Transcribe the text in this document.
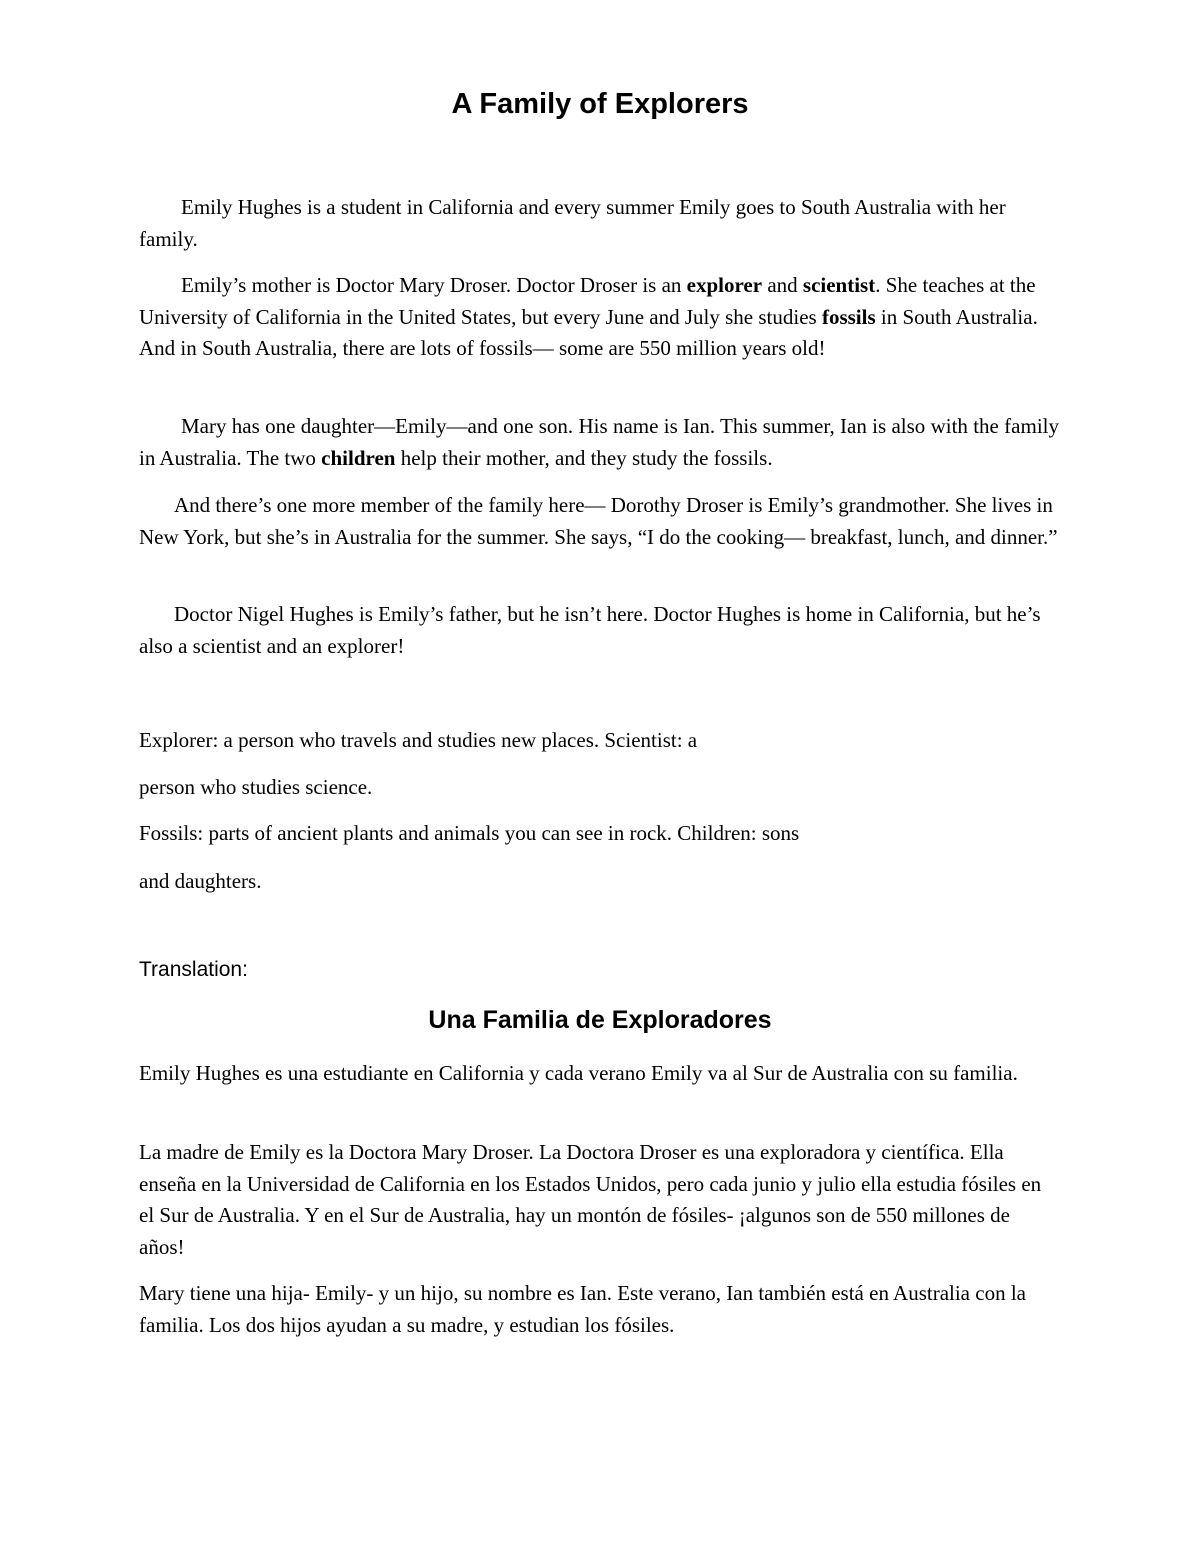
A Family of Explorers

Emily Hughes is a student in California and every summer Emily goes to South Australia with her family.

Emily’s mother is Doctor Mary Droser. Doctor Droser is an explorer and scientist. She teaches at the University of California in the United States, but every June and July she studies fossils in South Australia. And in South Australia, there are lots of fossils— some are 550 million years old!

Mary has one daughter—Emily—and one son. His name is Ian. This summer, Ian is also with the family in Australia. The two children help their mother, and they study the fossils.

And there’s one more member of the family here— Dorothy Droser is Emily’s grandmother. She lives in New York, but she’s in Australia for the summer. She says, “I do the cooking— breakfast, lunch, and dinner.”

Doctor Nigel Hughes is Emily’s father, but he isn’t here. Doctor Hughes is home in California, but he’s also a scientist and an explorer!

Explorer: a person who travels and studies new places. Scientist: a

person who studies science.

Fossils: parts of ancient plants and animals you can see in rock. Children: sons

and daughters.

Translation:

Una Familia de Exploradores

Emily Hughes es una estudiante en California y cada verano Emily va al Sur de Australia con su familia.

La madre de Emily es la Doctora Mary Droser. La Doctora Droser es una exploradora y científica. Ella enseña en la Universidad de California en los Estados Unidos, pero cada junio y julio ella estudia fósiles en el Sur de Australia. Y en el Sur de Australia, hay un montón de fósiles- ¡algunos son de 550 millones de años!

Mary tiene una hija- Emily- y un hijo, su nombre es Ian. Este verano, Ian también está en Australia con la familia. Los dos hijos ayudan a su madre, y estudian los fósiles.
